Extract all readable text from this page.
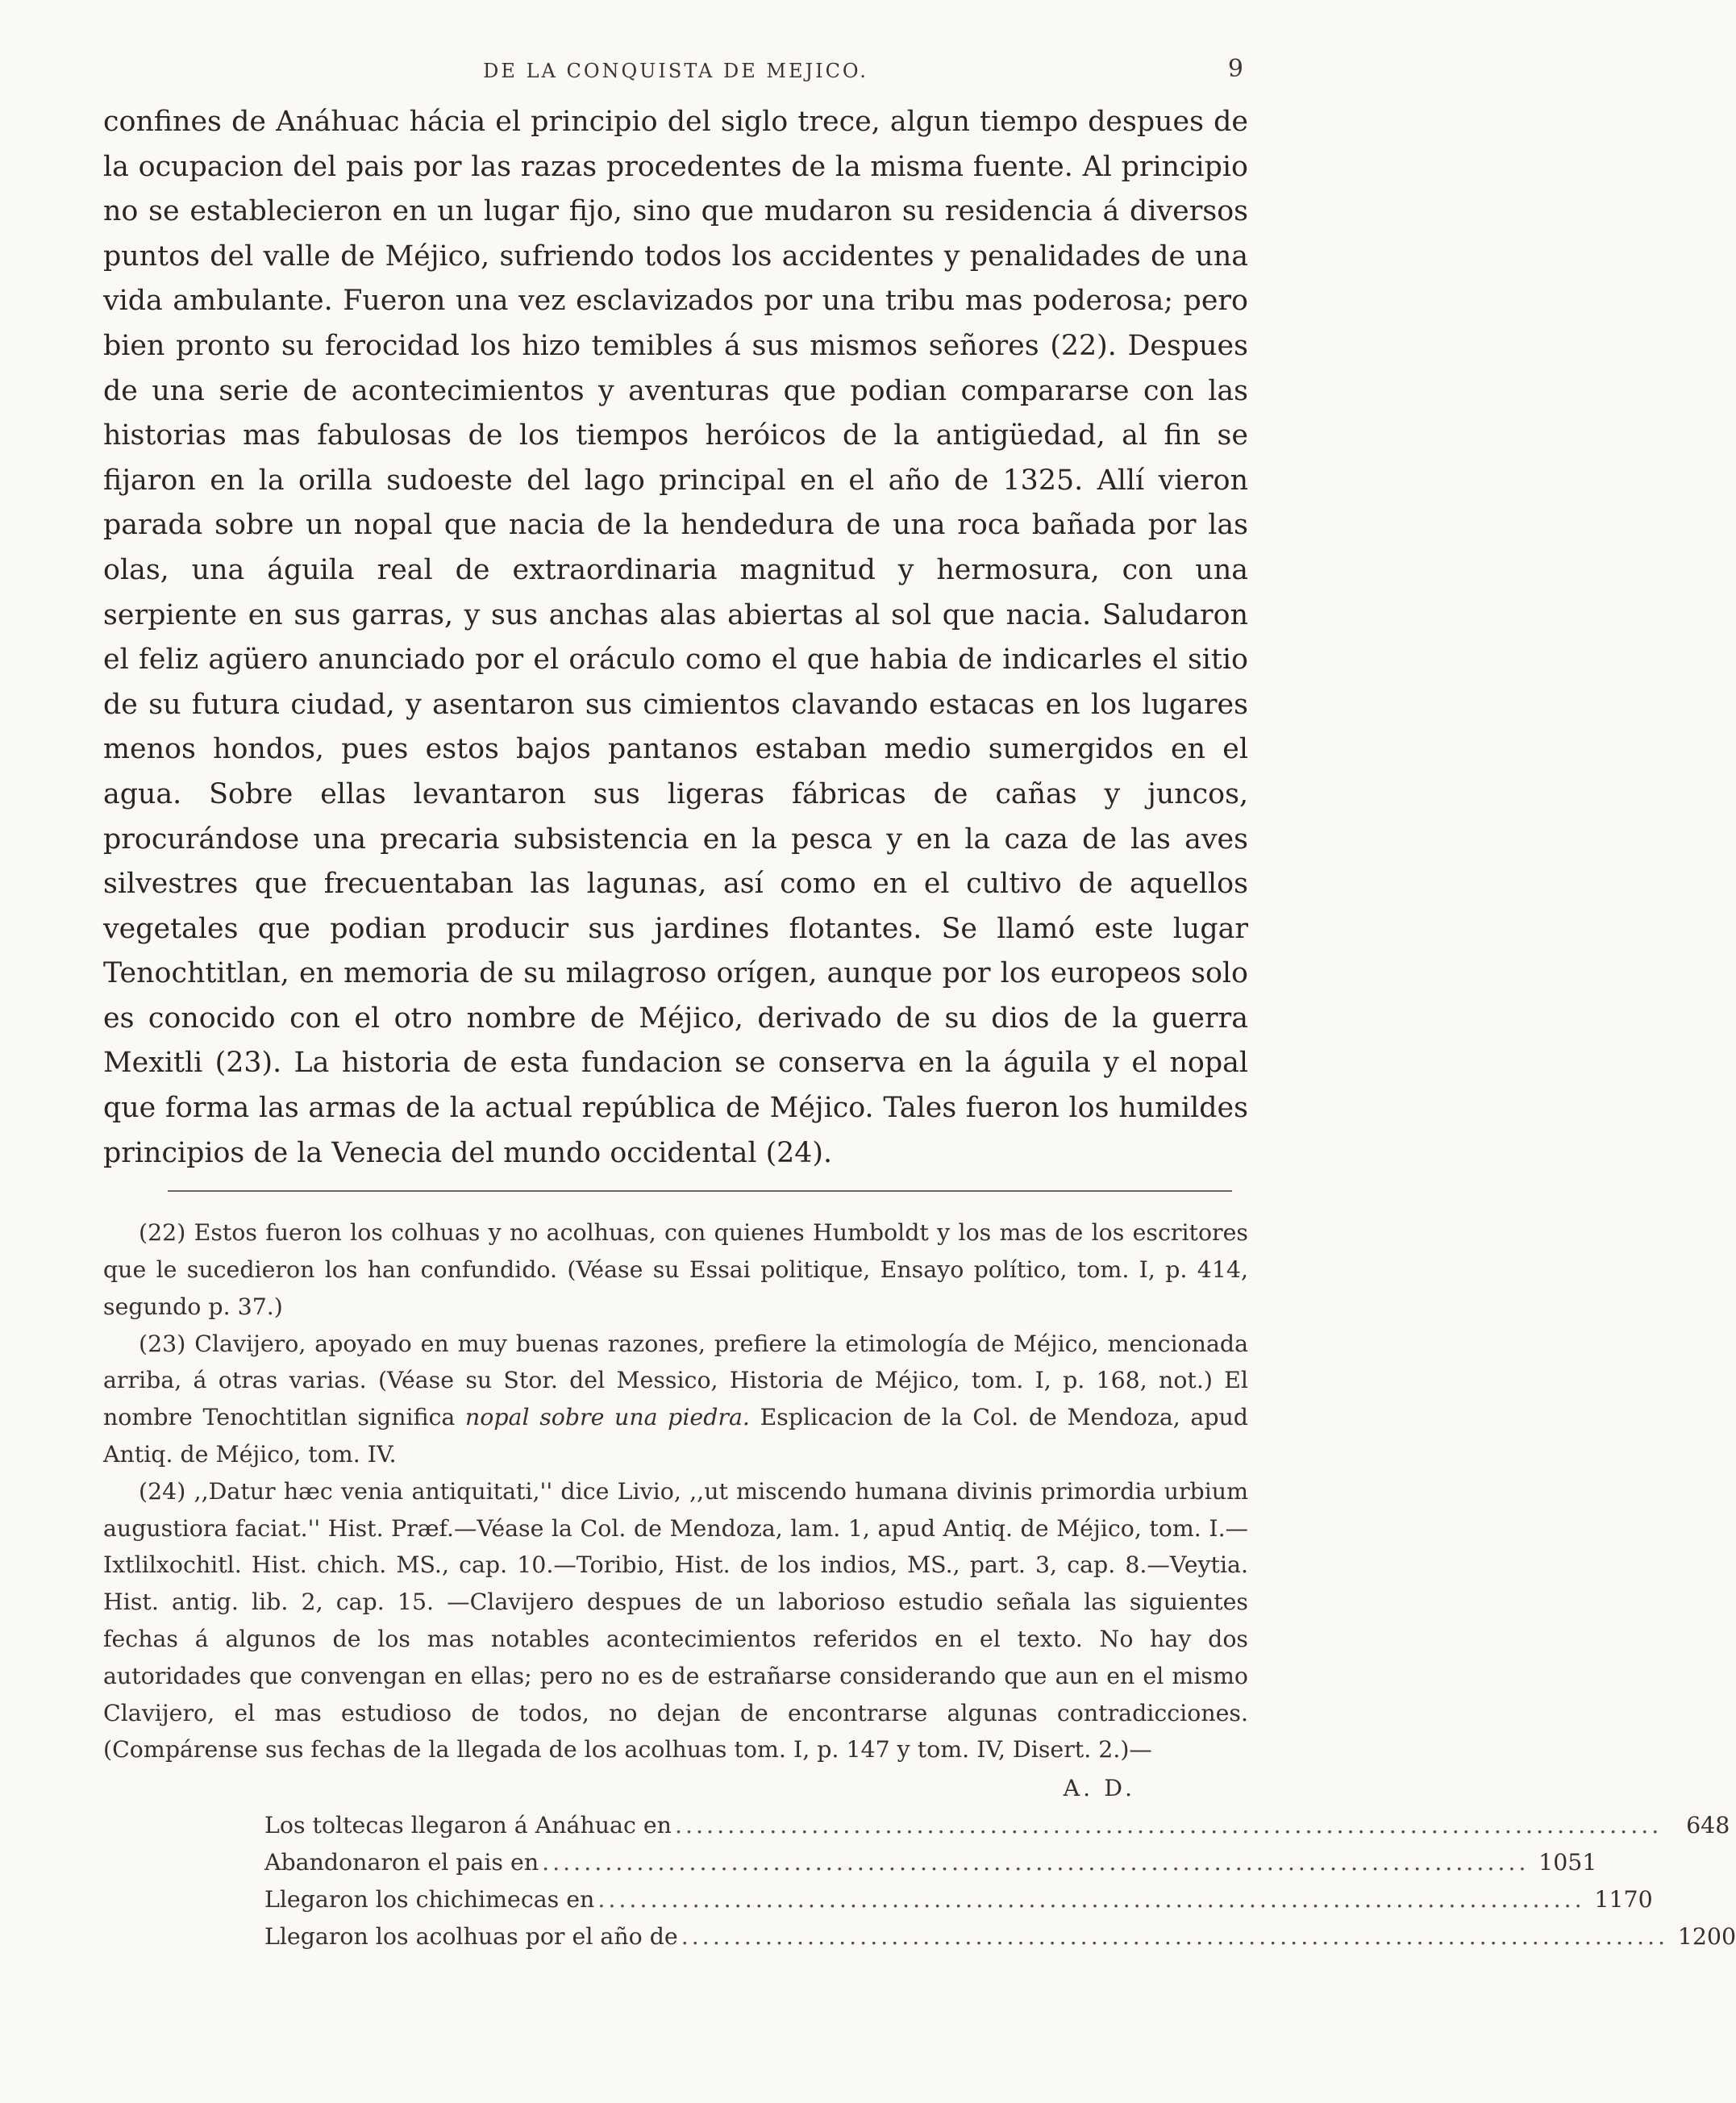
DE LA CONQUISTA DE MEJICO.	9

confines de Anáhuac hácia el principio del siglo trece, algun tiempo despues de la ocupacion del pais por las razas procedentes de la misma fuente. Al principio no se establecieron en un lugar fijo, sino que mudaron su residencia á diversos puntos del valle de Méjico, sufriendo todos los accidentes y penalidades de una vida ambulante. Fueron una vez esclavizados por una tribu mas poderosa; pero bien pronto su ferocidad los hizo temibles á sus mismos señores (22). Despues de una serie de acontecimientos y aventuras que podian compararse con las historias mas fabulosas de los tiempos heróicos de la antigüedad, al fin se fijaron en la orilla sudoeste del lago principal en el año de 1325. Allí vieron parada sobre un nopal que nacia de la hendedura de una roca bañada por las olas, una águila real de extraordinaria magnitud y hermosura, con una serpiente en sus garras, y sus anchas alas abiertas al sol que nacia. Saludaron el feliz agüero anunciado por el oráculo como el que habia de indicarles el sitio de su futura ciudad, y asentaron sus cimientos clavando estacas en los lugares menos hondos, pues estos bajos pantanos estaban medio sumergidos en el agua. Sobre ellas levantaron sus ligeras fábricas de cañas y juncos, procurándose una precaria subsistencia en la pesca y en la caza de las aves silvestres que frecuentaban las lagunas, así como en el cultivo de aquellos vegetales que podian producir sus jardines flotantes. Se llamó este lugar Tenochtitlan, en memoria de su milagroso orígen, aunque por los europeos solo es conocido con el otro nombre de Méjico, derivado de su dios de la guerra Mexitli (23). La historia de esta fundacion se conserva en la águila y el nopal que forma las armas de la actual república de Méjico. Tales fueron los humildes principios de la Venecia del mundo occidental (24).

(22) Estos fueron los colhuas y no acolhuas, con quienes Humboldt y los mas de los escritores que le sucedieron los han confundido. (Véase su Essai politique, Ensayo político, tom. I, p. 414, segundo p. 37.)

(23) Clavijero, apoyado en muy buenas razones, prefiere la etimología de Méjico, mencionada arriba, á otras varias. (Véase su Stor. del Messico, Historia de Méjico, tom. I, p. 168, not.) El nombre Tenochtitlan significa nopal sobre una piedra. Esplicacion de la Col. de Mendoza, apud Antiq. de Méjico, tom. IV.

(24) ,,Datur hæc venia antiquitati,'' dice Livio, ,,ut miscendo humana divinis primordia urbium augustiora faciat.'' Hist. Præf.—Véase la Col. de Mendoza, lam. 1, apud Antiq. de Méjico, tom. I.—Ixtlilxochitl. Hist. chich. MS., cap. 10.—Toribio, Hist. de los indios, MS., part. 3, cap. 8.—Veytia. Hist. antig. lib. 2, cap. 15. —Clavijero despues de un laborioso estudio señala las siguientes fechas á algunos de los mas notables acontecimientos referidos en el texto. No hay dos autoridades que convengan en ellas; pero no es de estrañarse considerando que aun en el mismo Clavijero, el mas estudioso de todos, no dejan de encontrarse algunas contradicciones. (Compárense sus fechas de la llegada de los acolhuas tom. I, p. 147 y tom. IV, Disert. 2.)—

A. D.
Los toltecas llegaron á Anáhuac en ..............................................................................................	648
Abandonaron el pais en .............................................................................................. 1051
Llegaron los chichimecas en .............................................................................................. 1170
Llegaron los acolhuas por el año de .............................................................................................. 1200
